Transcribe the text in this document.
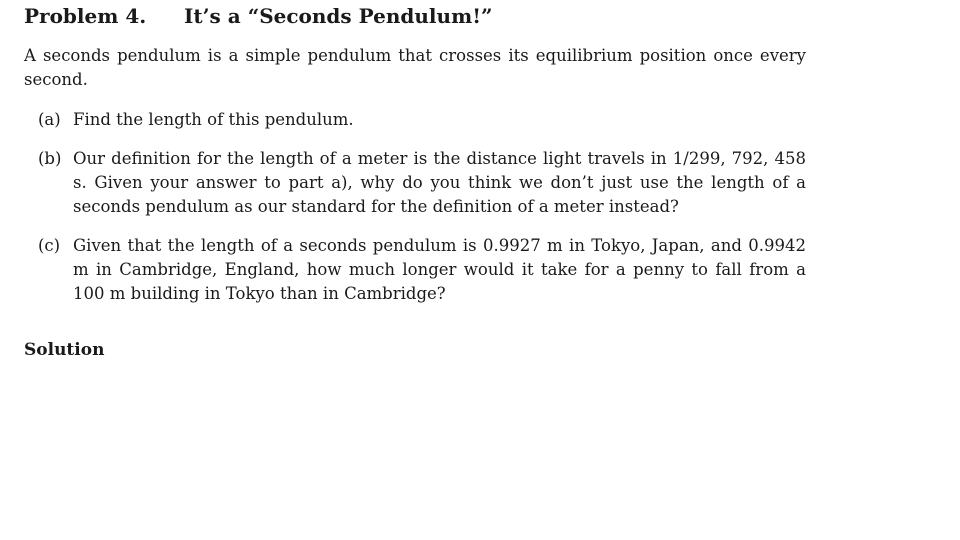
Problem 4. It’s a “Seconds Pendulum!”
A seconds pendulum is a simple pendulum that crosses its equilibrium position once every second.
(a) Find the length of this pendulum.
(b) Our definition for the length of a meter is the distance light travels in 1/299, 792, 458 s. Given your answer to part a), why do you think we don’t just use the length of a seconds pendulum as our standard for the definition of a meter instead?
(c) Given that the length of a seconds pendulum is 0.9927 m in Tokyo, Japan, and 0.9942 m in Cambridge, England, how much longer would it take for a penny to fall from a 100 m building in Tokyo than in Cambridge?
Solution
